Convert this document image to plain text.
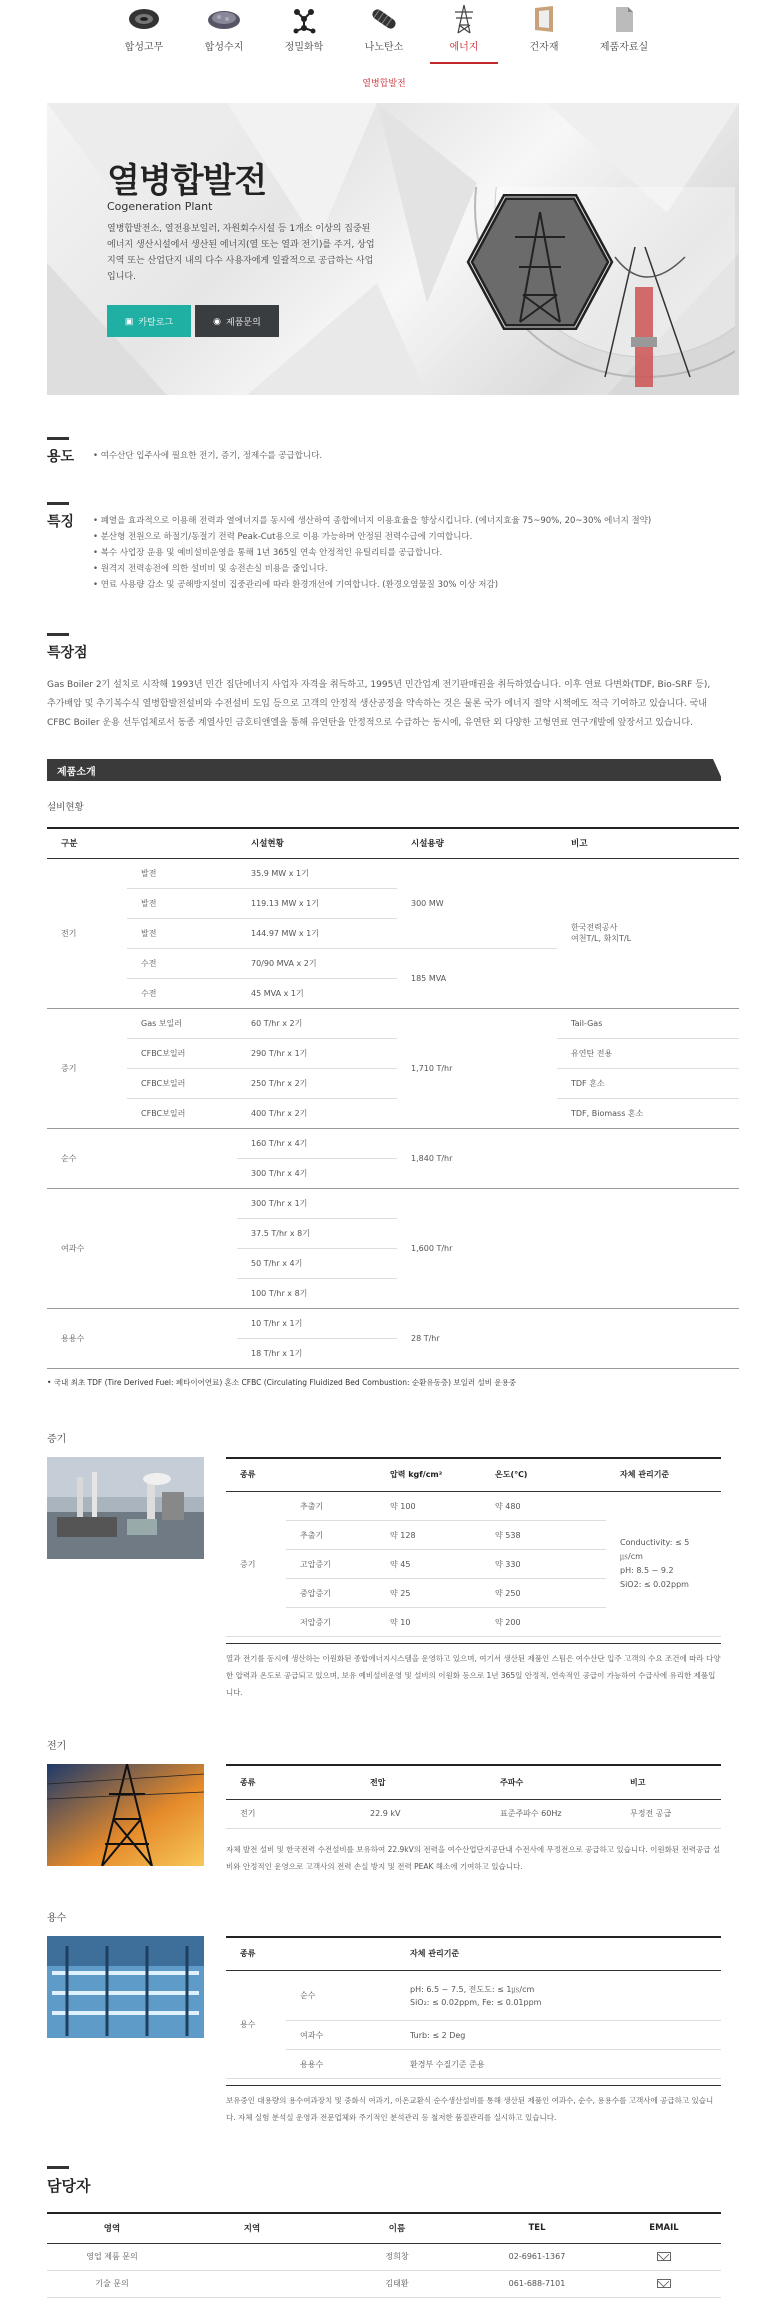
합성고무	합성수지	정밀화학	나노탄소	에너지	건자재	제품자료실
열병합발전
열병합발전
Cogeneration Plant
열병합발전소, 열전용보일러, 자원회수시설 등 1개소 이상의 집중된 에너지 생산시설에서 생산된 에너지(열 또는 열과 전기)를 주거, 상업지역 또는 산업단지 내의 다수 사용자에게 일괄적으로 공급하는 사업입니다.
▣ 카탈로그	◉ 제품문의
용도	• 여수산단 입주사에 필요한 전기, 증기, 정제수를 공급합니다.
특징	• 폐열을 효과적으로 이용해 전력과 열에너지를 동시에 생산하여 종합에너지 이용효율을 향상시킵니다. (에너지효율 75~90%, 20~30% 에너지 절약)
• 분산형 전원으로 하절기/동절기 전력 Peak-Cut용으로 이용 가능하며 안정된 전력수급에 기여합니다.
• 복수 사업장 운용 및 예비설비운영을 통해 1년 365일 연속 안정적인 유틸리티를 공급합니다.
• 원격지 전력송전에 의한 설비비 및 송전손실 비용을 줄입니다.
• 연료 사용량 감소 및 공해방지설비 집중관리에 따라 환경개선에 기여합니다. (환경오염물질 30% 이상 저감)
특장점

Gas Boiler 2기 설치로 시작해 1993년 민간 집단에너지 사업자 자격을 취득하고, 1995년 민간업계 전기판매권을 취득하였습니다. 이후 연료 다변화(TDF, Bio-SRF 등), 추가배압 및 추기복수식 열병합발전설비와 수전설비 도입 등으로 고객의 안정적 생산공정을 약속하는 것은 물론 국가 에너지 절약 시책에도 적극 기여하고 있습니다. 국내 CFBC Boiler 운용 선두업체로서 동종 계열사인 금호티앤엘을 통해 유연탄을 안정적으로 수급하는 동시에, 유연탄 외 다양한 고형연료 연구개발에 앞장서고 있습니다.

제품소개
설비현황
구분		시설현황	시설용량	비고
전기	발전	35.9 MW x 1기	300 MW	한국전력공사
여천T/L, 화치T/L
	발전	119.13 MW x 1기		
	발전	144.97 MW x 1기		
	수전	70/90 MVA x 2기	185 MVA	
	수전	45 MVA x 1기		
증기	Gas 보일러	60 T/hr x 2기	1,710 T/hr	Tail-Gas
	CFBC보일러	290 T/hr x 1기		유연탄 전용
	CFBC보일러	250 T/hr x 2기		TDF 혼소
	CFBC보일러	400 T/hr x 2기		TDF, Biomass 혼소
순수		160 T/hr x 4기	1,840 T/hr	
		300 T/hr x 4기		
여과수		300 T/hr x 1기	1,600 T/hr	
		37.5 T/hr x 8기		
		50 T/hr x 4기		
		100 T/hr x 8기		
용용수		10 T/hr x 1기	28 T/hr	
		18 T/hr x 1기		
• 국내 최초 TDF (Tire Derived Fuel: 폐타이어연료) 혼소 CFBC (Circulating Fluidized Bed Combustion: 순환유동층) 보일러 설비 운용중
증기
종류		압력 kgf/cm²	온도(℃)	자체 관리기준
증기	추출기	약 100	약 480	Conductivity: ≤ 5㎲/cm
pH: 8.5 ~ 9.2
SiO2: ≤ 0.02ppm
	추출기	약 128	약 538	
	고압증기	약 45	약 330	
	중압증기	약 25	약 250	
	저압증기	약 10	약 200	

열과 전기를 동시에 생산하는 이원화된 종합에너지시스템을 운영하고 있으며, 여기서 생산된 제품인 스팀은 여수산단 입주 고객의 수요 조건에 따라 다양한 압력과 온도로 공급되고 있으며, 보유 예비설비운영 및 설비의 이원화 등으로 1년 365일 안정적, 연속적인 공급이 가능하여 수급사에 유리한 제품입니다.

전기
종류	전압	주파수	비고
전기	22.9 kV	표준주파수 60Hz	무정전 공급

자체 발전 설비 및 한국전력 수전설비를 보유하여 22.9kV의 전력을 여수산업단지공단내 수전사에 무정전으로 공급하고 있습니다. 이원화된 전력공급 설비와 안정적인 운영으로 고객사의 전력 손실 방지 및 전력 PEAK 해소에 기여하고 있습니다.

용수
종류		자체 관리기준
용수	순수	pH: 6.5 ~ 7.5, 전도도: ≤ 1㎲/cm
SiO₂: ≤ 0.02ppm, Fe: ≤ 0.01ppm
	여과수	Turb: ≤ 2 Deg
	용용수	환경부 수질기준 준용

보유중인 대용량의 용수여과장치 및 중화식 여과기, 이온교환식 순수생산설비를 통해 생산된 제품인 여과수, 순수, 용용수를 고객사에 공급하고 있습니다. 자체 실험 분석실 운영과 전문업체와 주기적인 분석관리 등 철저한 품질관리를 실시하고 있습니다.

담당자
영역	지역	이름	TEL	EMAIL
영업 제품 문의		정희창	02-6961-1367	
기술 문의		김태환	061-688-7101	
